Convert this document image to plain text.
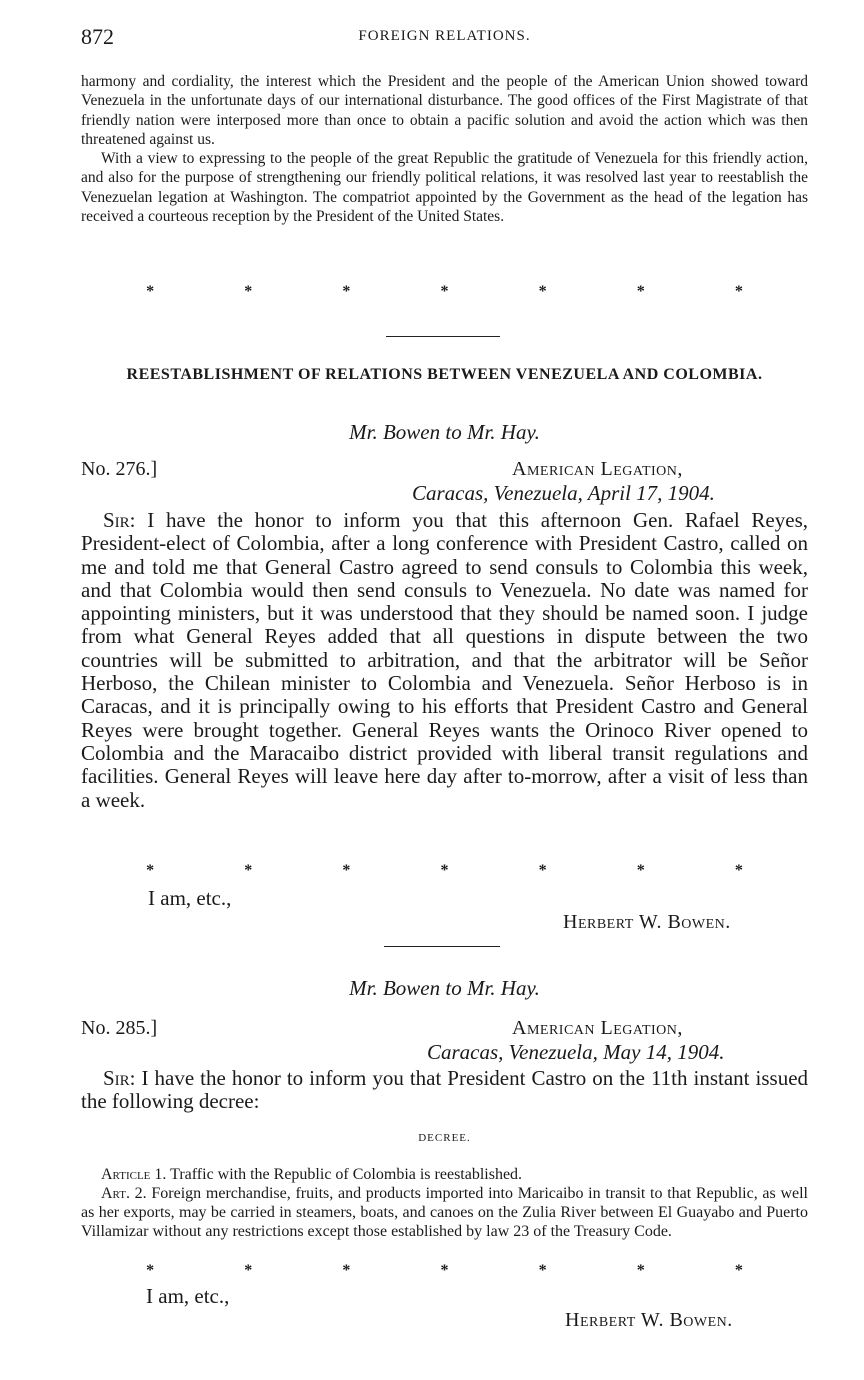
872	FOREIGN RELATIONS.

harmony and cordiality, the interest which the President and the people of the American Union showed toward Venezuela in the unfortunate days of our international disturbance. The good offices of the First Magistrate of that friendly nation were interposed more than once to obtain a pacific solution and avoid the action which was then threatened against us.

With a view to expressing to the people of the great Republic the gratitude of Venezuela for this friendly action, and also for the purpose of strengthening our friendly political relations, it was resolved last year to reestablish the Venezuelan legation at Washington. The compatriot appointed by the Government as the head of the legation has received a courteous reception by the President of the United States.

*	*	*	*	*	*	*
REESTABLISHMENT OF RELATIONS BETWEEN VENEZUELA AND COLOMBIA.
Mr. Bowen to Mr. Hay.
No. 276.]	American Legation,
Caracas, Venezuela, April 17, 1904.

Sir: I have the honor to inform you that this afternoon Gen. Rafael Reyes, President-elect of Colombia, after a long conference with President Castro, called on me and told me that General Castro agreed to send consuls to Colombia this week, and that Colombia would then send consuls to Venezuela. No date was named for appointing ministers, but it was understood that they should be named soon. I judge from what General Reyes added that all questions in dispute between the two countries will be submitted to arbitration, and that the arbitrator will be Señor Herboso, the Chilean minister to Colombia and Venezuela. Señor Herboso is in Caracas, and it is principally owing to his efforts that President Castro and General Reyes were brought together. General Reyes wants the Orinoco River opened to Colombia and the Maracaibo district provided with liberal transit regulations and facilities. General Reyes will leave here day after to-morrow, after a visit of less than a week.

*	*	*	*	*	*	*
I am, etc.,
Herbert W. Bowen.
Mr. Bowen to Mr. Hay.
No. 285.]	American Legation,
Caracas, Venezuela, May 14, 1904.

Sir: I have the honor to inform you that President Castro on the 11th instant issued the following decree:

DECREE.

Article 1. Traffic with the Republic of Colombia is reestablished.

Art. 2. Foreign merchandise, fruits, and products imported into Maricaibo in transit to that Republic, as well as her exports, may be carried in steamers, boats, and canoes on the Zulia River between El Guayabo and Puerto Villamizar without any restrictions except those established by law 23 of the Treasury Code.

*	*	*	*	*	*	*
I am, etc.,
Herbert W. Bowen.
